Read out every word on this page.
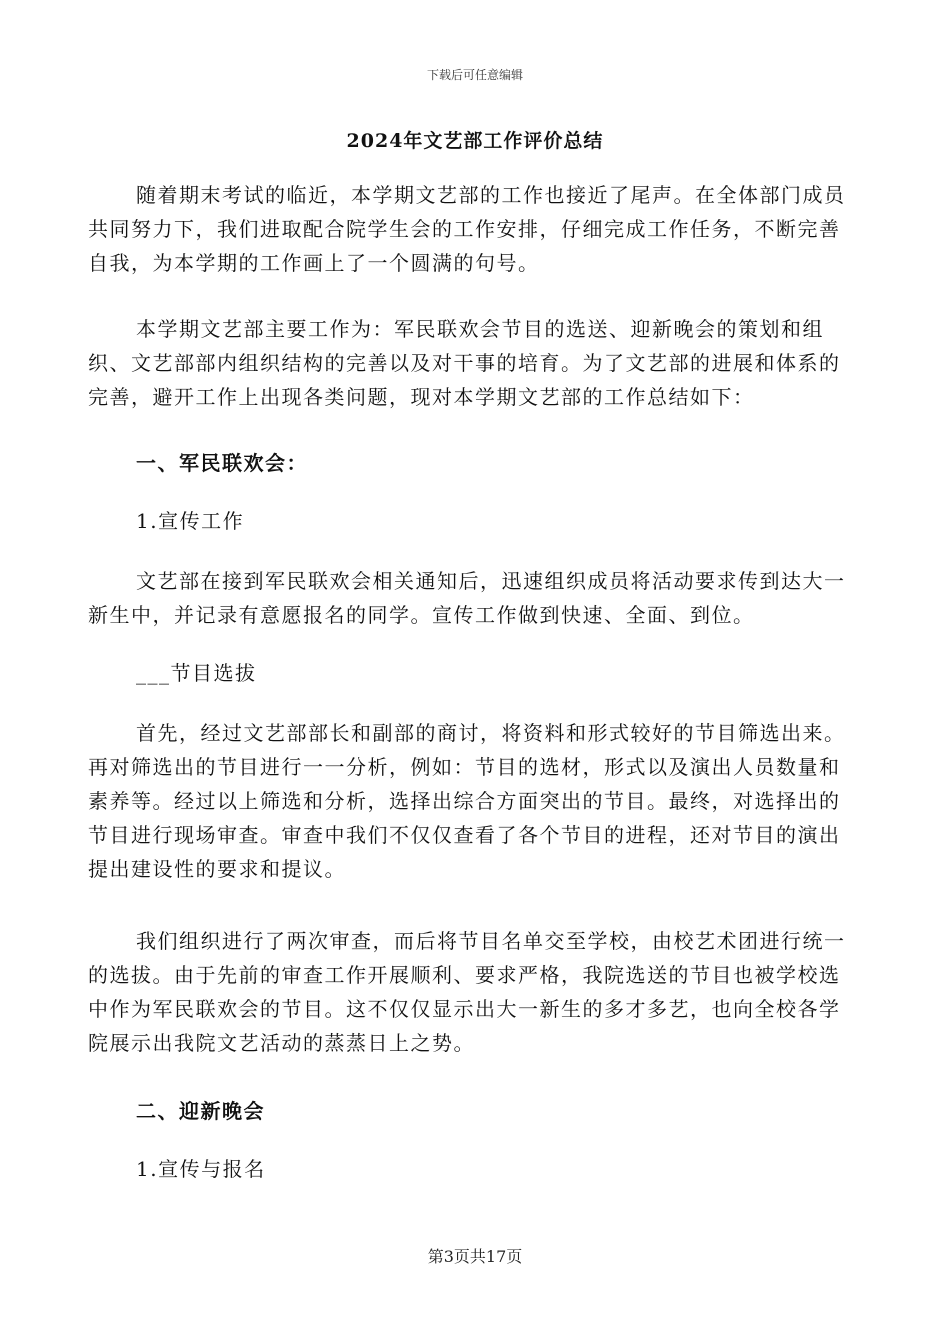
下载后可任意编辑
2024年文艺部工作评价总结
随着期末考试的临近，本学期文艺部的工作也接近了尾声。在全体部门成员共同努力下，我们进取配合院学生会的工作安排，仔细完成工作任务，不断完善自我，为本学期的工作画上了一个圆满的句号。
本学期文艺部主要工作为：军民联欢会节目的选送、迎新晚会的策划和组织、文艺部部内组织结构的完善以及对干事的培育。为了文艺部的进展和体系的完善，避开工作上出现各类问题，现对本学期文艺部的工作总结如下：
一、军民联欢会：
1.宣传工作
文艺部在接到军民联欢会相关通知后，迅速组织成员将活动要求传到达大一新生中，并记录有意愿报名的同学。宣传工作做到快速、全面、到位。
___节目选拔
首先，经过文艺部部长和副部的商讨，将资料和形式较好的节目筛选出来。再对筛选出的节目进行一一分析，例如：节目的选材，形式以及演出人员数量和素养等。经过以上筛选和分析，选择出综合方面突出的节目。最终，对选择出的节目进行现场审查。审查中我们不仅仅查看了各个节目的进程，还对节目的演出提出建设性的要求和提议。
我们组织进行了两次审查，而后将节目名单交至学校，由校艺术团进行统一的选拔。由于先前的审查工作开展顺利、要求严格，我院选送的节目也被学校选中作为军民联欢会的节目。这不仅仅显示出大一新生的多才多艺，也向全校各学院展示出我院文艺活动的蒸蒸日上之势。
二、迎新晚会
1.宣传与报名
第3页共17页
